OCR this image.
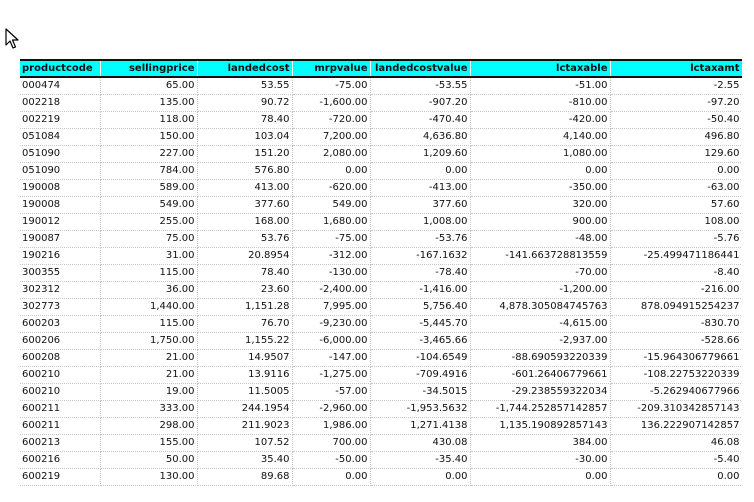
productcode	sellingprice	landedcost	mrpvalue	landedcostvalue	lctaxable	lctaxamt
000474	65.00	53.55	-75.00	-53.55	-51.00	-2.55
002218	135.00	90.72	-1,600.00	-907.20	-810.00	-97.20
002219	118.00	78.40	-720.00	-470.40	-420.00	-50.40
051084	150.00	103.04	7,200.00	4,636.80	4,140.00	496.80
051090	227.00	151.20	2,080.00	1,209.60	1,080.00	129.60
051090	784.00	576.80	0.00	0.00	0.00	0.00
190008	589.00	413.00	-620.00	-413.00	-350.00	-63.00
190008	549.00	377.60	549.00	377.60	320.00	57.60
190012	255.00	168.00	1,680.00	1,008.00	900.00	108.00
190087	75.00	53.76	-75.00	-53.76	-48.00	-5.76
190216	31.00	20.8954	-312.00	-167.1632	-141.663728813559	-25.499471186441
300355	115.00	78.40	-130.00	-78.40	-70.00	-8.40
302312	36.00	23.60	-2,400.00	-1,416.00	-1,200.00	-216.00
302773	1,440.00	1,151.28	7,995.00	5,756.40	4,878.305084745763	878.094915254237
600203	115.00	76.70	-9,230.00	-5,445.70	-4,615.00	-830.70
600206	1,750.00	1,155.22	-6,000.00	-3,465.66	-2,937.00	-528.66
600208	21.00	14.9507	-147.00	-104.6549	-88.690593220339	-15.964306779661
600210	21.00	13.9116	-1,275.00	-709.4916	-601.26406779661	-108.22753220339
600210	19.00	11.5005	-57.00	-34.5015	-29.238559322034	-5.262940677966
600211	333.00	244.1954	-2,960.00	-1,953.5632	-1,744.252857142857	-209.310342857143
600211	298.00	211.9023	1,986.00	1,271.4138	1,135.190892857143	136.222907142857
600213	155.00	107.52	700.00	430.08	384.00	46.08
600216	50.00	35.40	-50.00	-35.40	-30.00	-5.40
600219	130.00	89.68	0.00	0.00	0.00	0.00
